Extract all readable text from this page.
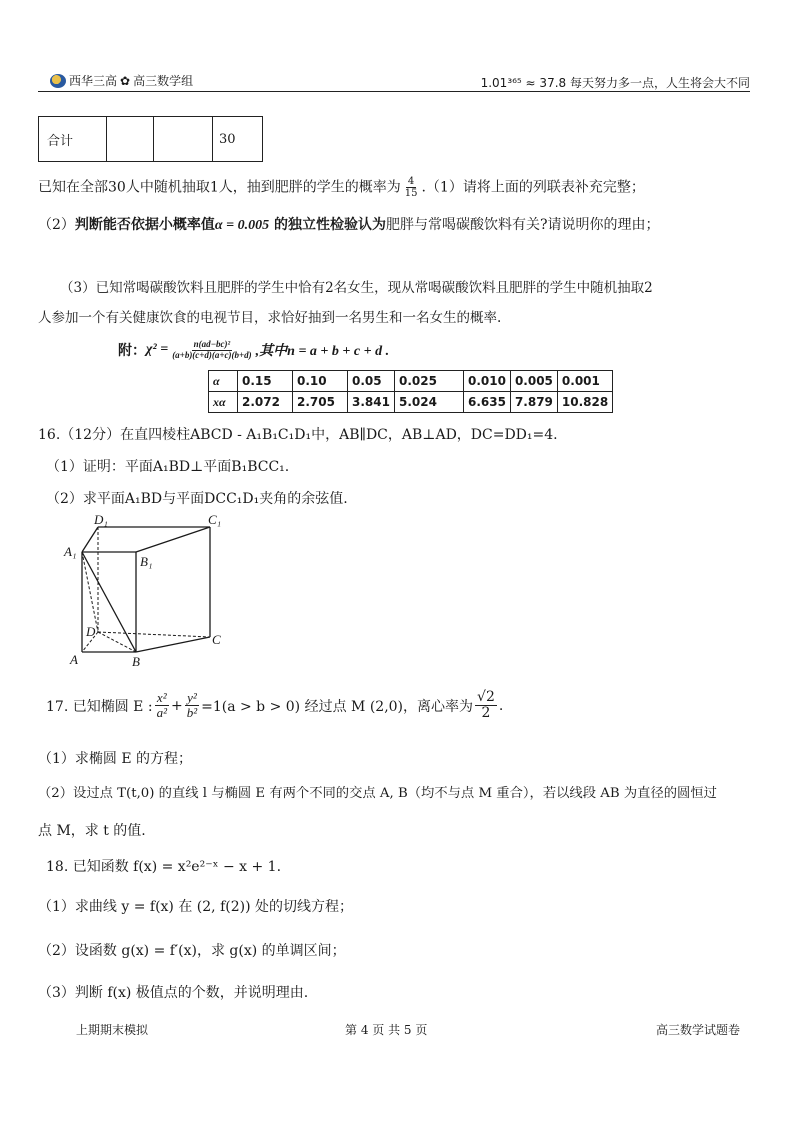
西华三高 ✿ 高三数学组	1.01³⁶⁵ ≈ 37.8 每天努力多一点，人生将会大不同
合计			30
已知在全部30人中随机抽取1人，抽到肥胖的学生的概率为 $\frac{4}{15} .(1)$请将上面的列联表补充完整；
（2）判断能否依据小概率值α = 0.005 的独立性检验认为肥胖与常喝碳酸饮料有关?请说明你的理由；
（3）已知常喝碳酸饮料且肥胖的学生中恰有2名女生，现从常喝碳酸饮料且肥胖的学生中随机抽取2
人参加一个有关健康饮食的电视节目，求恰好抽到一名男生和一名女生的概率.
附： $\chi^2 = \frac{\text{n(ad−bc)²}}{(a+b)(c+d)(a+c)(b+d)}$ ,其中n = a + b + c + d .
α	0.15	0.10	0.05	0.025	0.010	0.005	0.001
xα	2.072	2.705	3.841	5.024	6.635	7.879	10.828
16.（12分）在直四棱柱ABCD - A₁B₁C₁D₁中，AB∥DC，AB⊥AD，DC=DD₁=4.
（1）证明：平面A₁BD⊥平面B₁BCC₁.
（2）求平面A₁BD与平面DCC₁D₁夹角的余弦值.
D₁	C₁
A₁
B₁
D
C
A	B
17. 已知椭圆 E : $\frac{\text{x²}}{\text{a²}} + \frac{\text{y²}}{\text{b²}} =1(a > b > 0)$ 经过点 M (2,0)，离心率为 $\frac{√2}{2}$ .
（1）求椭圆 E 的方程；
（2）设过点 T(t,0) 的直线 l 与椭圆 E 有两个不同的交点 A, B（均不与点 M 重合），若以线段 AB 为直径的圆恒过
点 M，求 t 的值.
18. 已知函数 f(x) = x²e²⁻ˣ − x + 1.
（1）求曲线 y = f(x) 在 (2, f(2)) 处的切线方程；
（2）设函数 g(x) = f′(x)，求 g(x) 的单调区间；
（3）判断 f(x) 极值点的个数，并说明理由.
上期期末模拟	第 4 页 共 5 页	高三数学试题卷
